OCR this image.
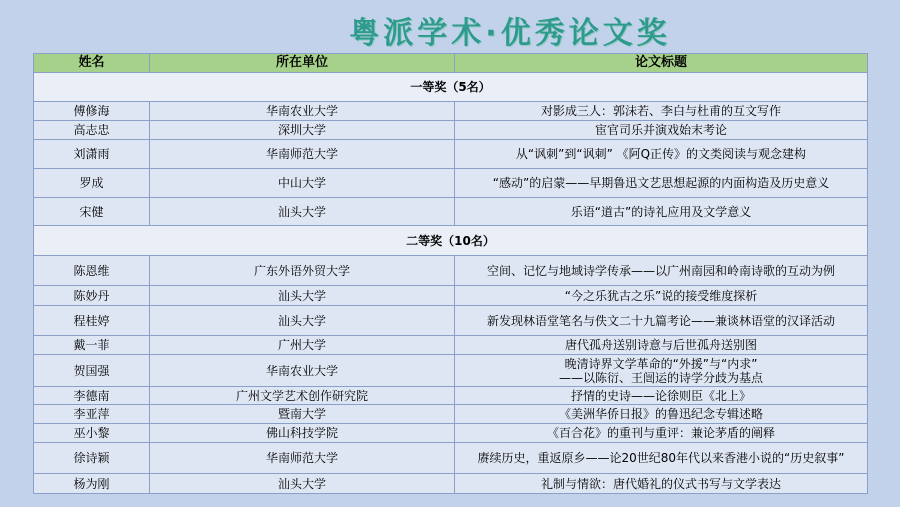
粤派学术·优秀论文奖
姓名	所在单位	论文标题
一等奖（5名）		
傅修海	华南农业大学	对影成三人：郭沫若、李白与杜甫的互文写作
高志忠	深圳大学	宦官司乐并演戏始末考论
刘潇雨	华南师范大学	从“讽刺”到“讽刺” 《阿Q正传》的文类阅读与观念建构
罗成	中山大学	“感动”的启蒙——早期鲁迅文艺思想起源的内面构造及历史意义
宋健	汕头大学	乐语“道古”的诗礼应用及文学意义
二等奖（10名）		
陈恩维	广东外语外贸大学	空间、记忆与地域诗学传承——以广州南园和岭南诗歌的互动为例
陈妙丹	汕头大学	“今之乐犹古之乐”说的接受维度探析
程桂婷	汕头大学	新发现林语堂笔名与佚文二十九篇考论——兼谈林语堂的汉译活动
戴一菲	广州大学	唐代孤舟送别诗意与后世孤舟送别图
贺国强	华南农业大学	晚清诗界文学革命的“外援”与“内求”
——以陈衍、王闿运的诗学分歧为基点

李德南	广州文学艺术创作研究院	抒情的史诗——论徐则臣《北上》
李亚萍	暨南大学	《美洲华侨日报》的鲁迅纪念专辑述略
巫小黎	佛山科技学院	《百合花》的重刊与重评：兼论茅盾的阐释
徐诗颖	华南师范大学	赓续历史，重返原乡——论20世纪80年代以来香港小说的“历史叙事”
杨为刚	汕头大学	礼制与情欲：唐代婚礼的仪式书写与文学表达
